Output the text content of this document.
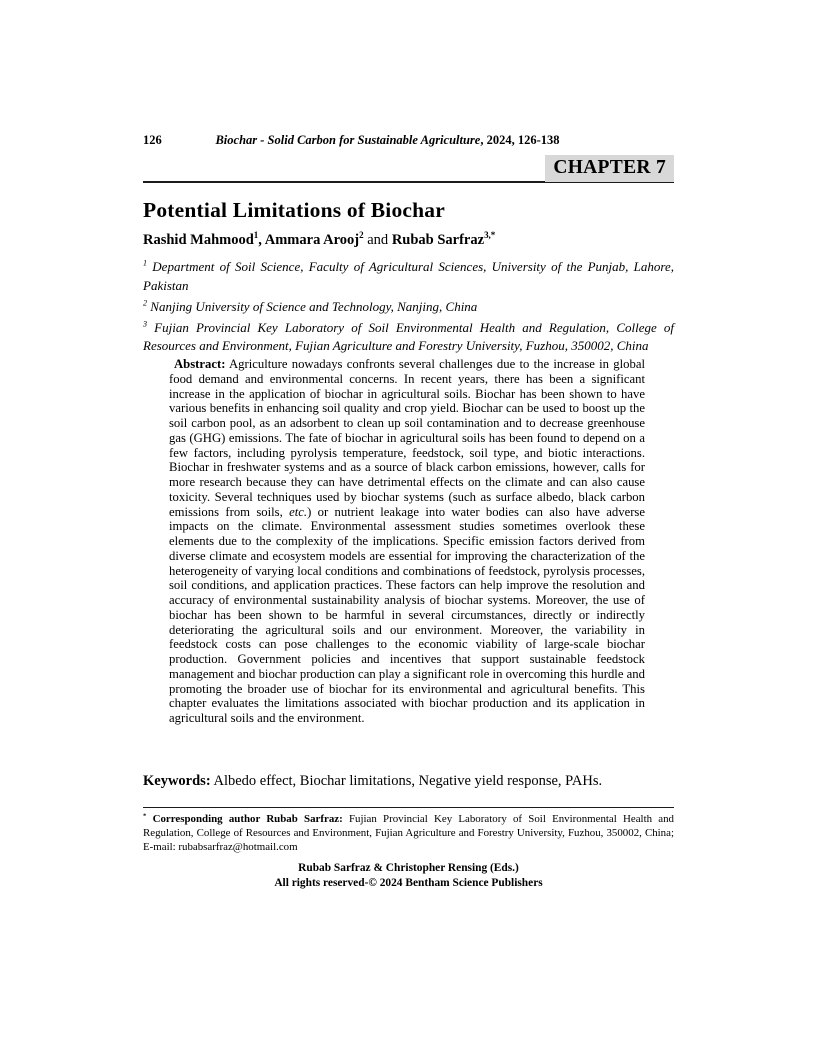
126	Biochar - Solid Carbon for Sustainable Agriculture, 2024, 126-138
CHAPTER 7
Potential Limitations of Biochar
Rashid Mahmood$^1$, Ammara Arooj$^2$ and Rubab Sarfraz$^{3,*}$

$^1$ Department of Soil Science, Faculty of Agricultural Sciences, University of the Punjab, Lahore, Pakistan

$^2$ Nanjing University of Science and Technology, Nanjing, China

$^3$ Fujian Provincial Key Laboratory of Soil Environmental Health and Regulation, College of Resources and Environment, Fujian Agriculture and Forestry University, Fuzhou, 350002, China

Abstract: Agriculture nowadays confronts several challenges due to the increase in global food demand and environmental concerns. In recent years, there has been a significant increase in the application of biochar in agricultural soils. Biochar has been shown to have various benefits in enhancing soil quality and crop yield. Biochar can be used to boost up the soil carbon pool, as an adsorbent to clean up soil contamination and to decrease greenhouse gas (GHG) emissions. The fate of biochar in agricultural soils has been found to depend on a few factors, including pyrolysis temperature, feedstock, soil type, and biotic interactions. Biochar in freshwater systems and as a source of black carbon emissions, however, calls for more research because they can have detrimental effects on the climate and can also cause toxicity. Several techniques used by biochar systems (such as surface albedo, black carbon emissions from soils, etc.) or nutrient leakage into water bodies can also have adverse impacts on the climate. Environmental assessment studies sometimes overlook these elements due to the complexity of the implications. Specific emission factors derived from diverse climate and ecosystem models are essential for improving the characterization of the heterogeneity of varying local conditions and combinations of feedstock, pyrolysis processes, soil conditions, and application practices. These factors can help improve the resolution and accuracy of environmental sustainability analysis of biochar systems. Moreover, the use of biochar has been shown to be harmful in several circumstances, directly or indirectly deteriorating the agricultural soils and our environment. Moreover, the variability in feedstock costs can pose challenges to the economic viability of large-scale biochar production. Government policies and incentives that support sustainable feedstock management and biochar production can play a significant role in overcoming this hurdle and promoting the broader use of biochar for its environmental and agricultural benefits. This chapter evaluates the limitations associated with biochar production and its application in agricultural soils and the environment.
Keywords: Albedo effect, Biochar limitations, Negative yield response, PAHs.
* Corresponding author Rubab Sarfraz: Fujian Provincial Key Laboratory of Soil Environmental Health and Regulation, College of Resources and Environment, Fujian Agriculture and Forestry University, Fuzhou, 350002, China; E-mail: rubabsarfraz@hotmail.com
Rubab Sarfraz & Christopher Rensing (Eds.)
All rights reserved-© 2024 Bentham Science Publishers
